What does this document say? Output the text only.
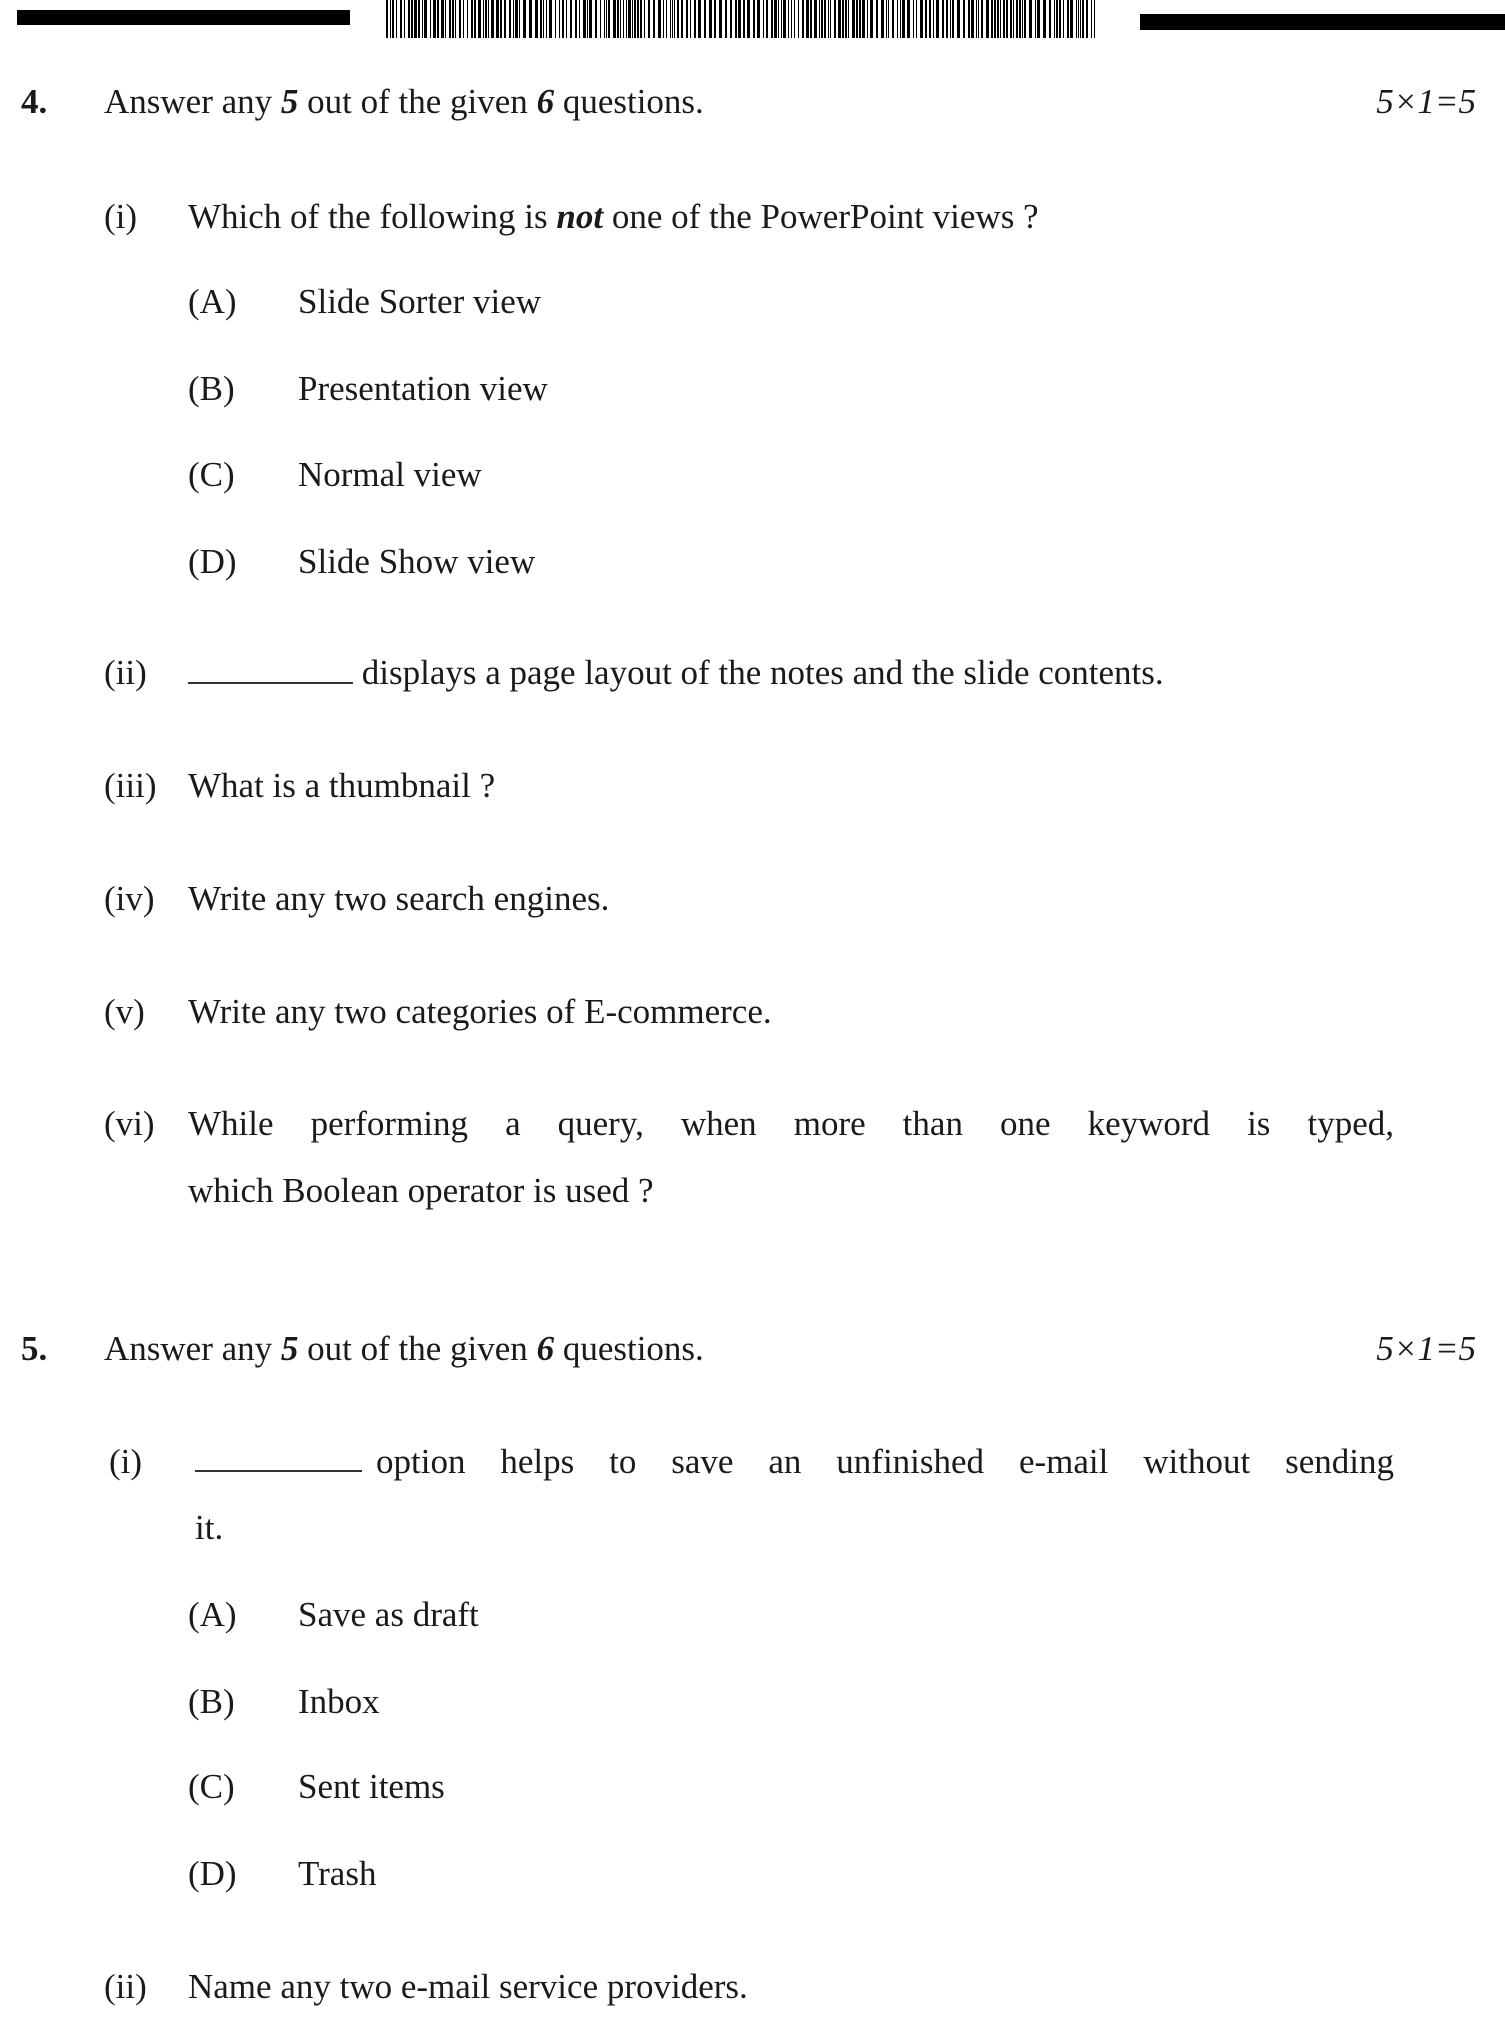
4. Answer any 5 out of the given 6 questions.	5×1=5
(i) Which of the following is not one of the PowerPoint views ?
(A) Slide Sorter view
(B) Presentation view
(C) Normal view
(D) Slide Show view
(ii)	displays a page layout of the notes and the slide contents.
(iii) What is a thumbnail ?
(iv) Write any two search engines.
(v) Write any two categories of E-commerce.
(vi) While performing a query, when more than one keyword is typed,
which Boolean operator is used ?
5. Answer any 5 out of the given 6 questions.	5×1=5
(i)	option helps to save an unfinished e-mail without sending
it.
(A) Save as draft
(B) Inbox
(C) Sent items
(D) Trash
(ii) Name any two e-mail service providers.
